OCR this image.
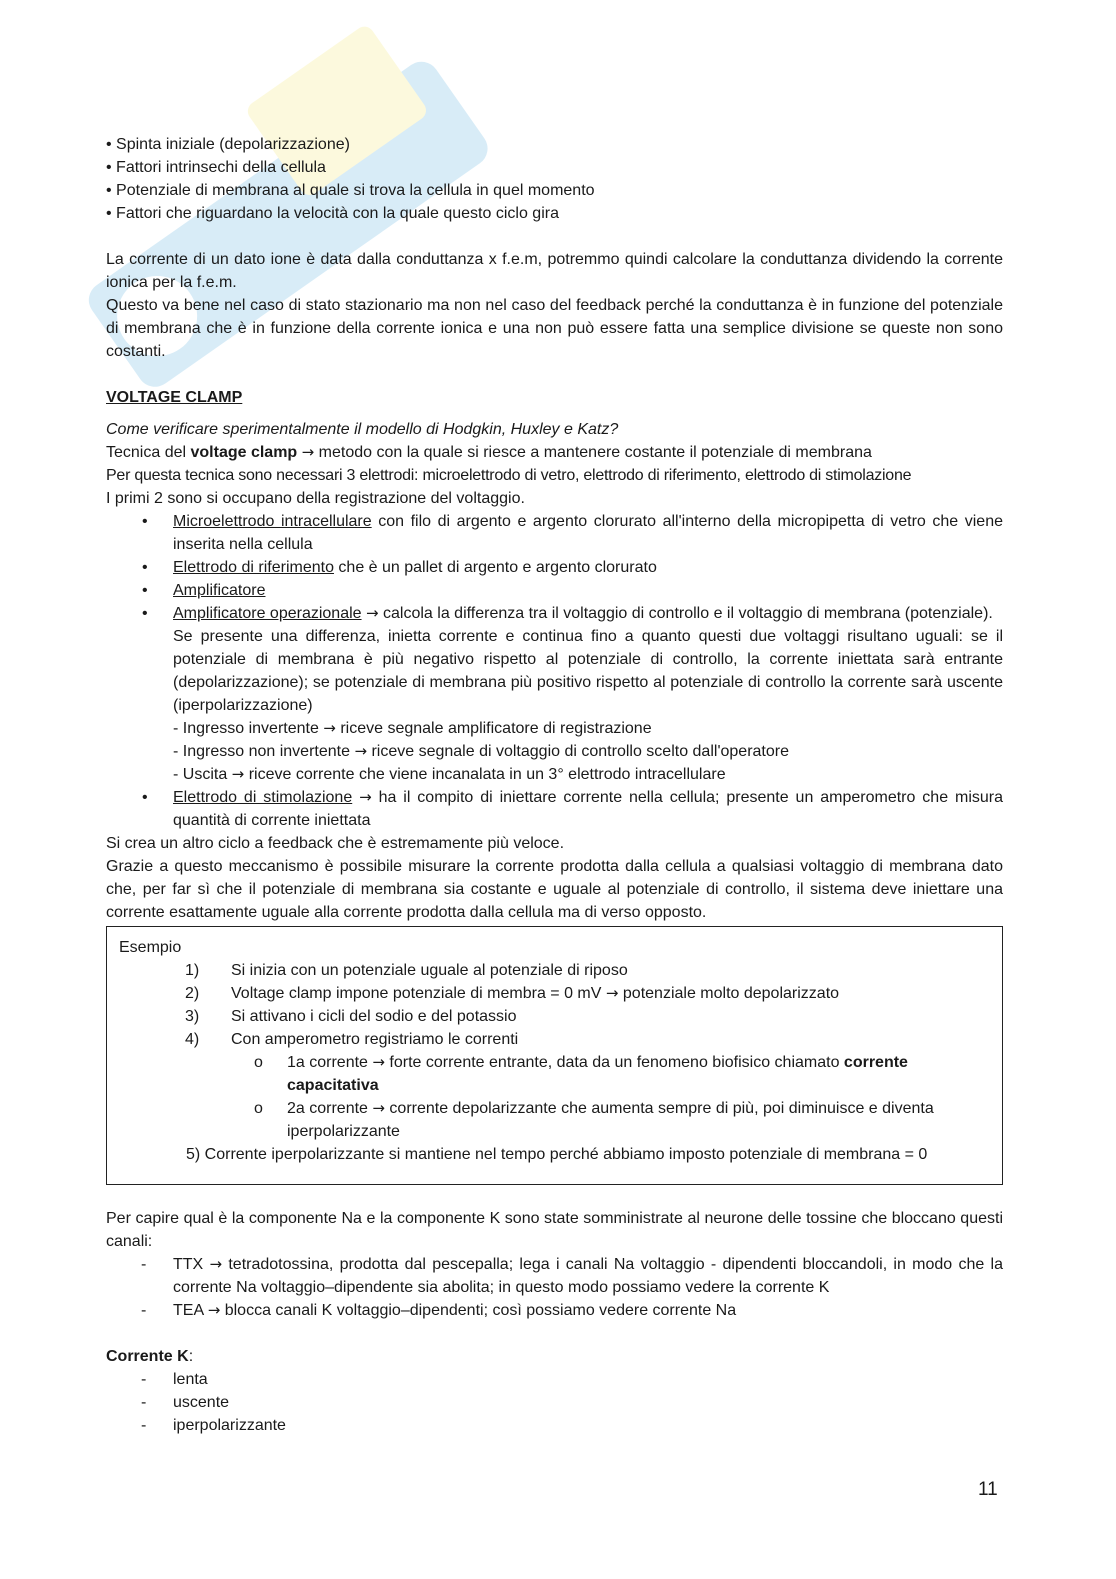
• Spinta iniziale (depolarizzazione)
• Fattori intrinsechi della cellula
• Potenziale di membrana al quale si trova la cellula in quel momento
• Fattori che riguardano la velocità con la quale questo ciclo gira

La corrente di un dato ione è data dalla conduttanza x f.e.m, potremmo quindi calcolare la conduttanza dividendo la corrente ionica per la f.e.m.

Questo va bene nel caso di stato stazionario ma non nel caso del feedback perché la conduttanza è in funzione del potenziale di membrana che è in funzione della corrente ionica e una non può essere fatta una semplice divisione se queste non sono costanti.

VOLTAGE CLAMP

Come verificare sperimentalmente il modello di Hodgkin, Huxley e Katz?

Tecnica del voltage clamp → metodo con la quale si riesce a mantenere costante il potenziale di membrana

Per questa tecnica sono necessari 3 elettrodi: microelettrodo di vetro, elettrodo di riferimento, elettrodo di stimolazione

I primi 2 sono si occupano della registrazione del voltaggio.

• Microelettrodo intracellulare con filo di argento e argento clorurato all'interno della micropipetta di vetro che viene inserita nella cellula
• Elettrodo di riferimento che è un pallet di argento e argento clorurato
• Amplificatore
• Amplificatore operazionale → calcola la differenza tra il voltaggio di controllo e il voltaggio di membrana (potenziale).

Se presente una differenza, inietta corrente e continua fino a quanto questi due voltaggi risultano uguali: se il potenziale di membrana è più negativo rispetto al potenziale di controllo, la corrente iniettata sarà entrante (depolarizzazione); se potenziale di membrana più positivo rispetto al potenziale di controllo la corrente sarà uscente (iperpolarizzazione)

- Ingresso invertente → riceve segnale amplificatore di registrazione

- Ingresso non invertente → riceve segnale di voltaggio di controllo scelto dall'operatore

- Uscita → riceve corrente che viene incanalata in un 3° elettrodo intracellulare

• Elettrodo di stimolazione → ha il compito di iniettare corrente nella cellula; presente un amperometro che misura quantità di corrente iniettata

Si crea un altro ciclo a feedback che è estremamente più veloce.

Grazie a questo meccanismo è possibile misurare la corrente prodotta dalla cellula a qualsiasi voltaggio di membrana dato che, per far sì che il potenziale di membrana sia costante e uguale al potenziale di controllo, il sistema deve iniettare una corrente esattamente uguale alla corrente prodotta dalla cellula ma di verso opposto.

Esempio

1) Si inizia con un potenziale uguale al potenziale di riposo
2) Voltage clamp impone potenziale di membra = 0 mV → potenziale molto depolarizzato
3) Si attivano i cicli del sodio e del potassio
4) Con amperometro registriamo le correnti
o 1a corrente → forte corrente entrante, data da un fenomeno biofisico chiamato corrente capacitativa
o 2a corrente → corrente depolarizzante che aumenta sempre di più, poi diminuisce e diventa iperpolarizzante

5) Corrente iperpolarizzante si mantiene nel tempo perché abbiamo imposto potenziale di membrana = 0

Per capire qual è la componente Na e la componente K sono state somministrate al neurone delle tossine che bloccano questi canali:

- TTX → tetradotossina, prodotta dal pescepalla; lega i canali Na voltaggio - dipendenti bloccandoli, in modo che la corrente Na voltaggio–dipendente sia abolita; in questo modo possiamo vedere la corrente K
- TEA → blocca canali K voltaggio–dipendenti; così possiamo vedere corrente Na

Corrente K:

- lenta
- uscente
- iperpolarizzante
11
